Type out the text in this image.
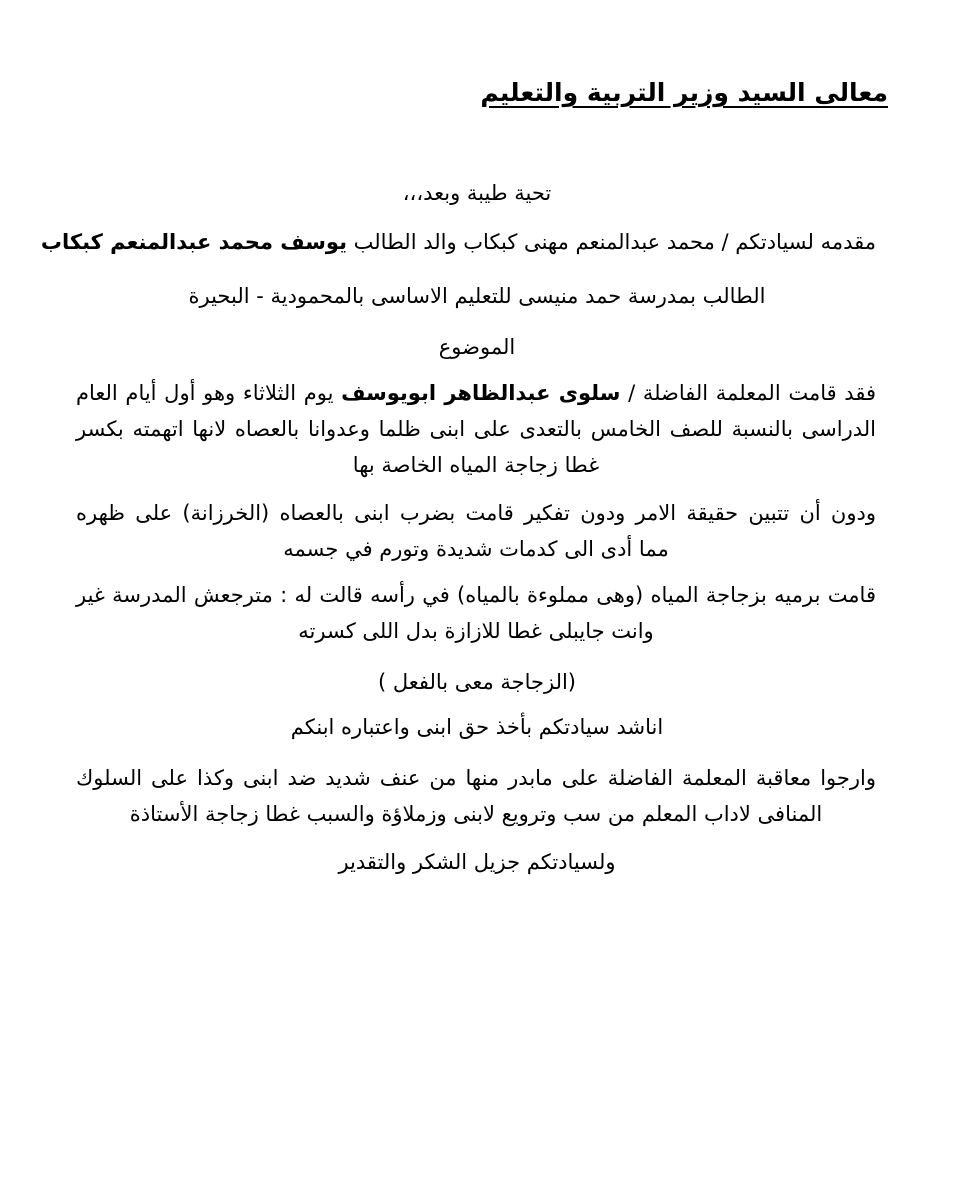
معالى السيد وزير التربية والتعليم
تحية طيبة وبعد،،،
مقدمه لسيادتكم / محمد عبدالمنعم مهنى كبكاب والد الطالب يوسف محمد عبدالمنعم كبكاب
الطالب بمدرسة حمد منيسى للتعليم الاساسى بالمحمودية - البحيرة
الموضوع
فقد قامت المعلمة الفاضلة / سلوى عبدالظاهر ابويوسف يوم الثلاثاء وهو أول أيام العام
الدراسى بالنسبة للصف الخامس بالتعدى على ابنى ظلما وعدوانا بالعصاه لانها اتهمته بكسر
غطا زجاجة المياه الخاصة بها
ودون أن تتبين حقيقة الامر ودون تفكير قامت بضرب ابنى بالعصاه (الخرزانة) على ظهره
مما أدى الى كدمات شديدة وتورم في جسمه
قامت برميه بزجاجة المياه (وهى مملوءة بالمياه) في رأسه قالت له : مترجعش المدرسة غير
وانت جايبلى غطا للازازة بدل اللى كسرته
(الزجاجة معى بالفعل )
اناشد سيادتكم بأخذ حق ابنى واعتباره ابنكم
وارجوا معاقبة المعلمة الفاضلة على مابدر منها من عنف شديد ضد ابنى وكذا على السلوك
المنافى لاداب المعلم من سب وترويع لابنى وزملاؤة والسبب غطا زجاجة الأستاذة
ولسيادتكم جزيل الشكر والتقدير
